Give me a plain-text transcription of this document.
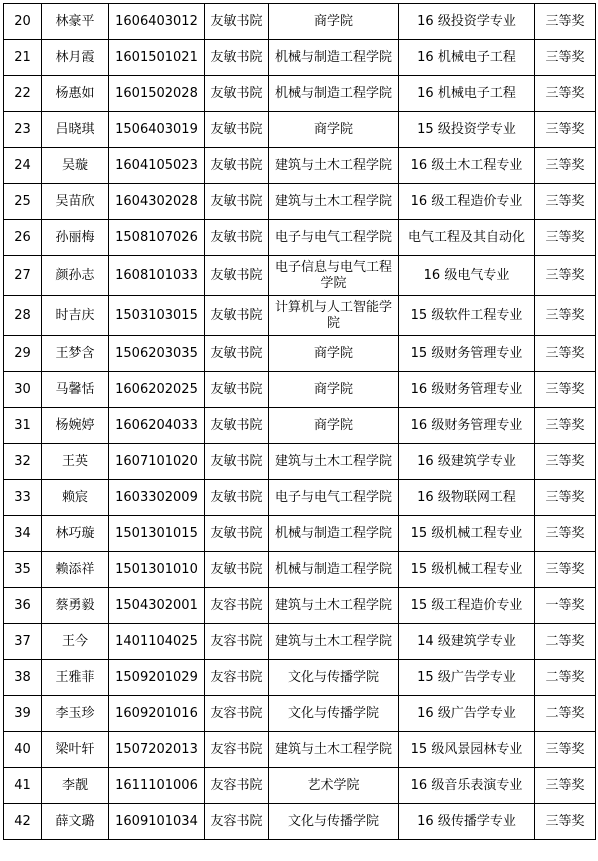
20	林豪平	1606403012	友敏书院	商学院	16 级投资学专业	三等奖
21	林月霞	1601501021	友敏书院	机械与制造工程学院	16 机械电子工程	三等奖
22	杨惠如	1601502028	友敏书院	机械与制造工程学院	16 机械电子工程	三等奖
23	吕晓琪	1506403019	友敏书院	商学院	15 级投资学专业	三等奖
24	吴璇	1604105023	友敏书院	建筑与土木工程学院	16 级土木工程专业	三等奖
25	吴苗欣	1604302028	友敏书院	建筑与土木工程学院	16 级工程造价专业	三等奖
26	孙丽梅	1508107026	友敏书院	电子与电气工程学院	电气工程及其自动化	三等奖
27	颜孙志	1608101033	友敏书院	电子信息与电气工程学院	16 级电气专业	三等奖
28	时吉庆	1503103015	友敏书院	计算机与人工智能学院	15 级软件工程专业	三等奖
29	王梦含	1506203035	友敏书院	商学院	15 级财务管理专业	三等奖
30	马馨恬	1606202025	友敏书院	商学院	16 级财务管理专业	三等奖
31	杨婉婷	1606204033	友敏书院	商学院	16 级财务管理专业	三等奖
32	王英	1607101020	友敏书院	建筑与土木工程学院	16 级建筑学专业	三等奖
33	赖宸	1603302009	友敏书院	电子与电气工程学院	16 级物联网工程	三等奖
34	林巧璇	1501301015	友敏书院	机械与制造工程学院	15 级机械工程专业	三等奖
35	赖添祥	1501301010	友敏书院	机械与制造工程学院	15 级机械工程专业	三等奖
36	蔡勇毅	1504302001	友容书院	建筑与土木工程学院	15 级工程造价专业	一等奖
37	王今	1401104025	友容书院	建筑与土木工程学院	14 级建筑学专业	二等奖
38	王雅菲	1509201029	友容书院	文化与传播学院	15 级广告学专业	二等奖
39	李玉珍	1609201016	友容书院	文化与传播学院	16 级广告学专业	二等奖
40	梁叶轩	1507202013	友容书院	建筑与土木工程学院	15 级风景园林专业	三等奖
41	李靓	1611101006	友容书院	艺术学院	16 级音乐表演专业	三等奖
42	薛文璐	1609101034	友容书院	文化与传播学院	16 级传播学专业	三等奖
